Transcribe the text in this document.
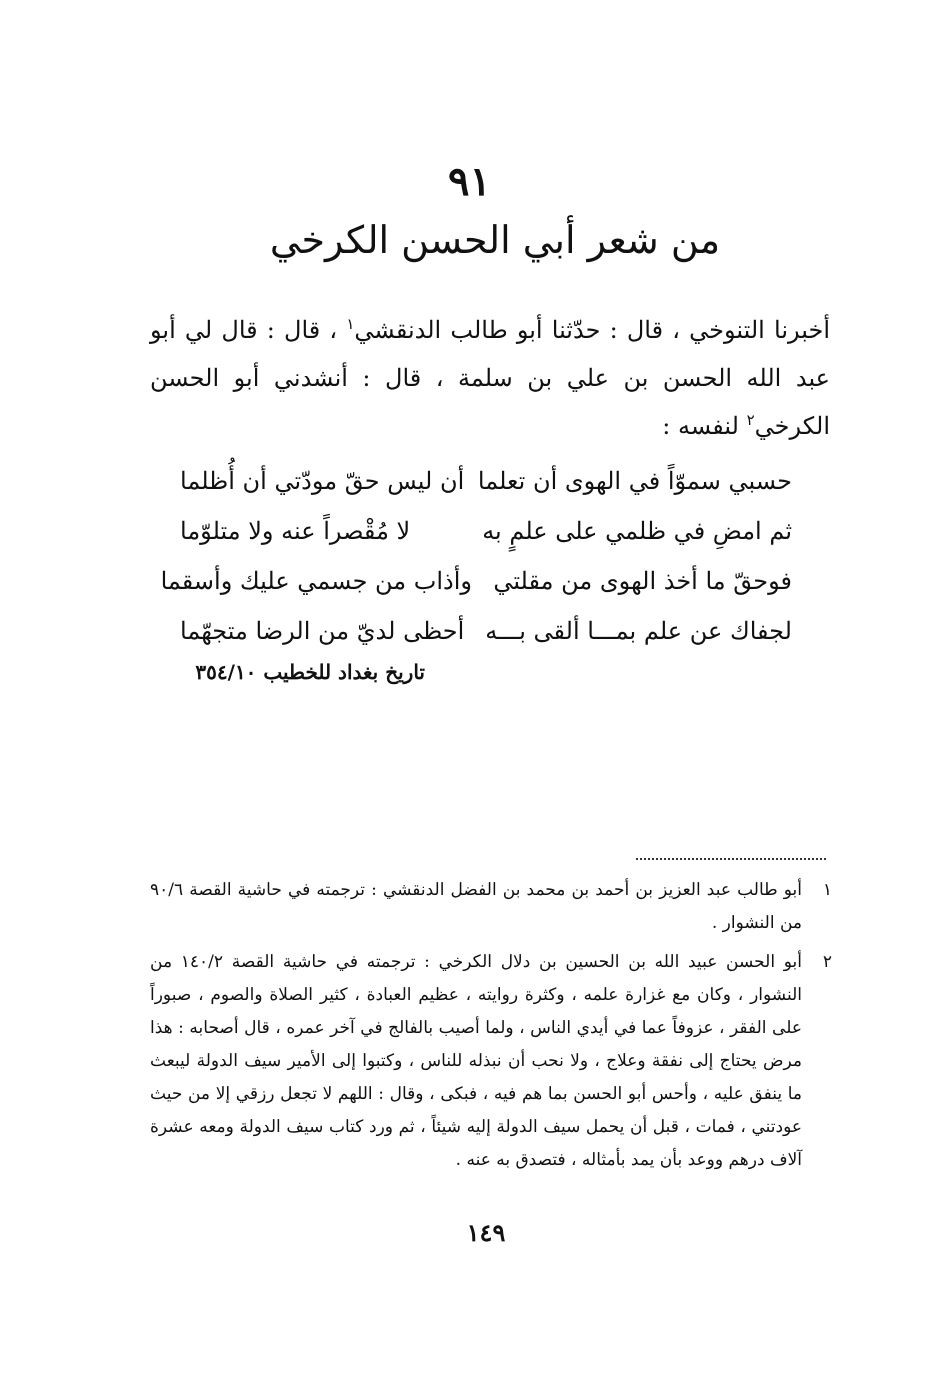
٩١
من شعر أبي الحسن الكرخي
أخبرنا التنوخي ، قال : حدّثنا أبو طالب الدنقشي$^١$ ، قال : قال لي أبو عبد الله الحسن بن علي بن سلمة ، قال : أنشدني أبو الحسن الكرخي$^٢$ لنفسه :
حسبي سموّاً في الهوى أن تعلما
أن ليس حقّ مودّتي أن أُظلما
ثم امضِ في ظلمي على علمٍ به
لا مُقْصراً عنه ولا متلوّما
فوحقّ ما أخذ الهوى من مقلتي
وأذاب من جسمي عليك وأسقما
لجفاك عن علم بمـــا ألقى بـــه
أحظى لديّ من الرضا متجهّما
تاريخ بغداد للخطيب ٣٥٤/١٠
١
أبو طالب عبد العزيز بن أحمد بن محمد بن الفضل الدنقشي : ترجمته في حاشية القصة ٩٠/٦ من النشوار .
٢
أبو الحسن عبيد الله بن الحسين بن دلال الكرخي : ترجمته في حاشية القصة ١٤٠/٢ من النشوار ، وكان مع غزارة علمه ، وكثرة روايته ، عظيم العبادة ، كثير الصلاة والصوم ، صبوراً على الفقر ، عزوفاً عما في أيدي الناس ، ولما أصيب بالفالج في آخر عمره ، قال أصحابه : هذا مرض يحتاج إلى نفقة وعلاج ، ولا نحب أن نبذله للناس ، وكتبوا إلى الأمير سيف الدولة ليبعث ما ينفق عليه ، وأحس أبو الحسن بما هم فيه ، فبكى ، وقال : اللهم لا تجعل رزقي إلا من حيث عودتني ، فمات ، قبل أن يحمل سيف الدولة إليه شيئاً ، ثم ورد كتاب سيف الدولة ومعه عشرة آلاف درهم ووعد بأن يمد بأمثاله ، فتصدق به عنه .
١٤٩
